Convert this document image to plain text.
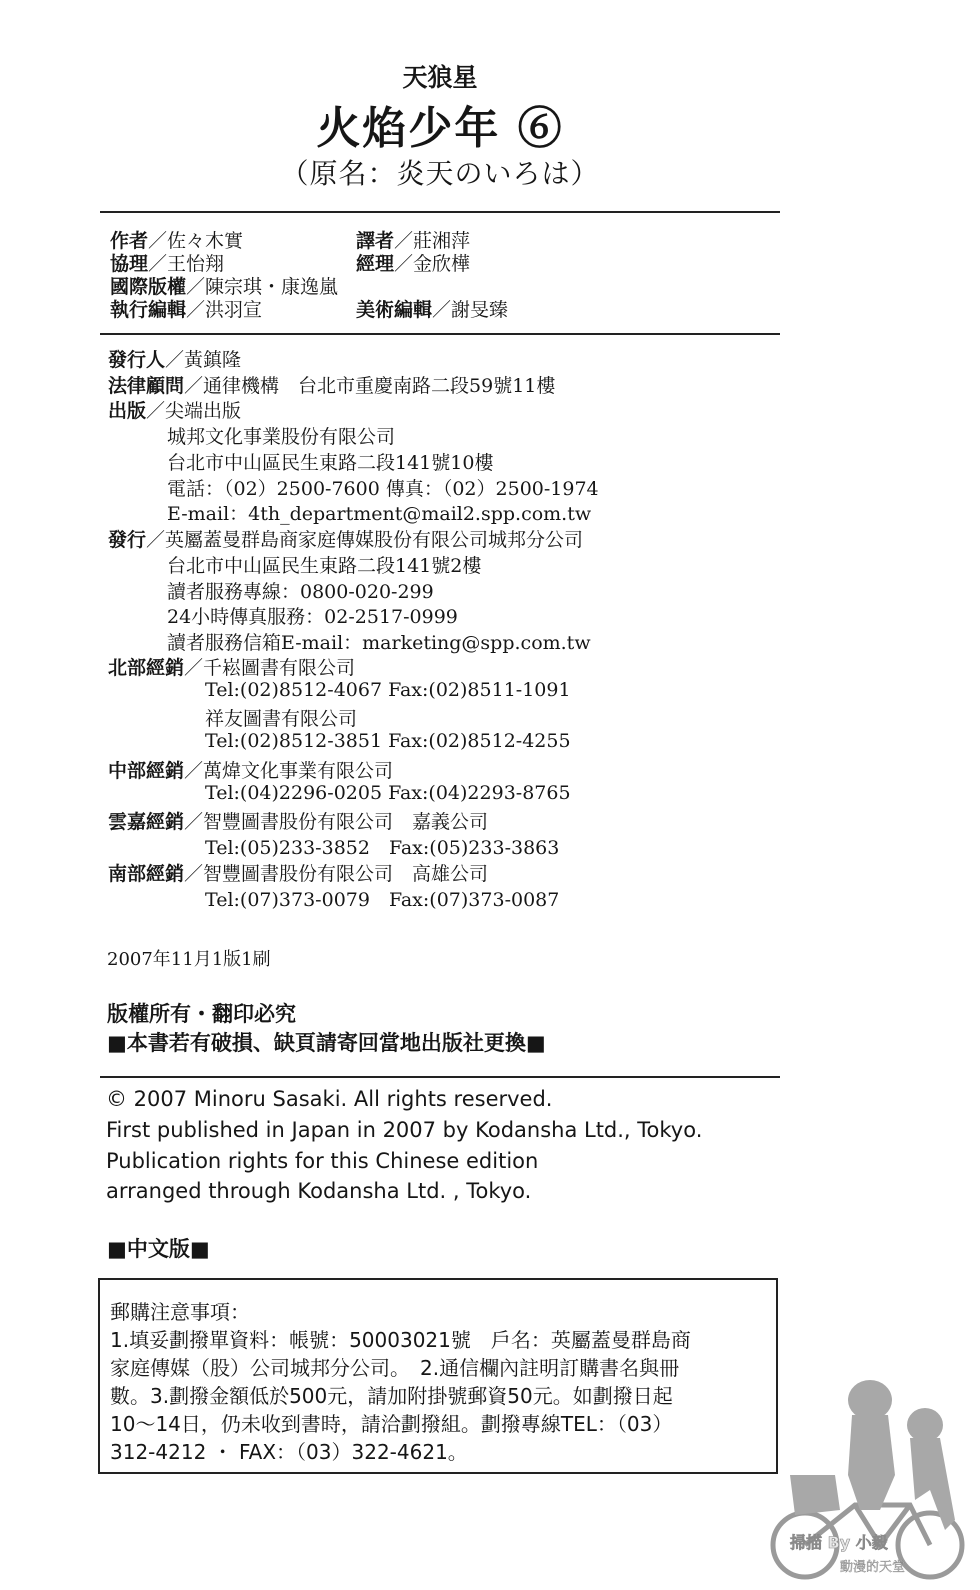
天狼星
火焰少年 ⑥
（原名：炎天のいろは）
作者／佐々木實	譯者／莊湘萍
協理／王怡翔	經理／金欣樺
國際版權／陳宗琪・康逸嵐
執行編輯／洪羽宣	美術編輯／謝旻臻
發行人／黃鎮隆
法律顧問／通律機構　台北市重慶南路二段59號11樓
出版／尖端出版
城邦文化事業股份有限公司
台北市中山區民生東路二段141號10樓
電話：（02）2500-7600 傳真：（02）2500-1974
E-mail：4th_department@mail2.spp.com.tw
發行／英屬蓋曼群島商家庭傳媒股份有限公司城邦分公司
台北市中山區民生東路二段141號2樓
讀者服務專線：0800-020-299
24小時傳真服務：02-2517-0999
讀者服務信箱E-mail：marketing@spp.com.tw
北部經銷／千崧圖書有限公司
Tel:(02)8512-4067 Fax:(02)8511-1091
祥友圖書有限公司
Tel:(02)8512-3851 Fax:(02)8512-4255
中部經銷／萬煒文化事業有限公司
Tel:(04)2296-0205 Fax:(04)2293-8765
雲嘉經銷／智豐圖書股份有限公司　嘉義公司
Tel:(05)233-3852　Fax:(05)233-3863
南部經銷／智豐圖書股份有限公司　高雄公司
Tel:(07)373-0079　Fax:(07)373-0087
2007年11月1版1刷
版權所有・翻印必究
■本書若有破損、缺頁請寄回當地出版社更換■
© 2007 Minoru Sasaki. All rights reserved.
First published in Japan in 2007 by Kodansha Ltd., Tokyo.
Publication rights for this Chinese edition
arranged through Kodansha Ltd. , Tokyo.
■中文版■
郵購注意事項：
1.填妥劃撥單資料：帳號：50003021號　戶名：英屬蓋曼群島商
家庭傳媒（股）公司城邦分公司。　2.通信欄內註明訂購書名與冊
數。3.劃撥金額低於500元，請加附掛號郵資50元。如劃撥日起
10～14日，仍未收到書時，請洽劃撥組。劃撥專線TEL：（03）
312-4212 ・ FAX：（03）322-4621。
掃描 By 小毅
動漫的天堂
